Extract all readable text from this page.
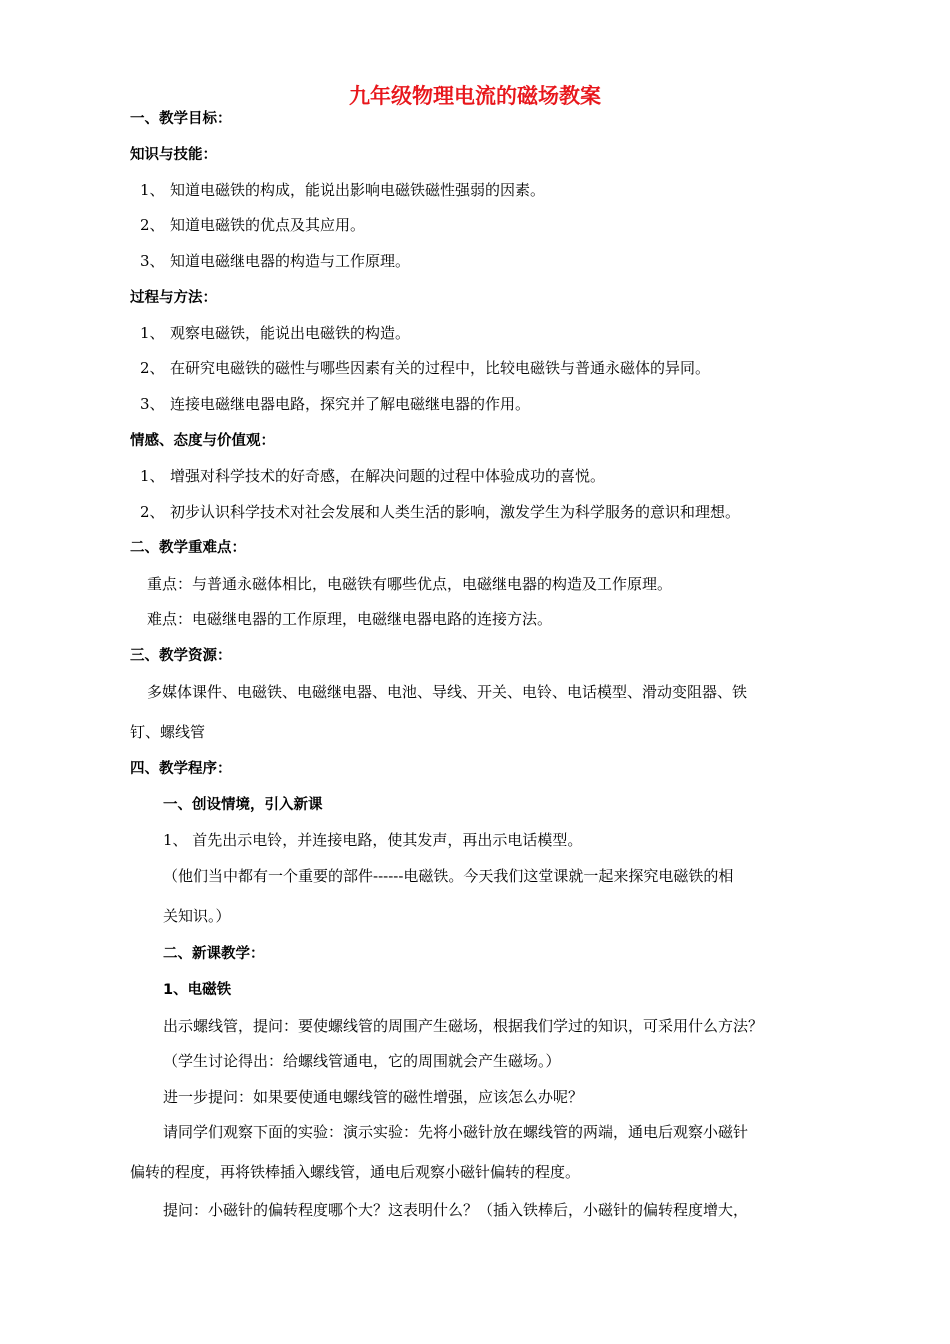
九年级物理电流的磁场教案
一、教学目标：
知识与技能：
1、 知道电磁铁的构成，能说出影响电磁铁磁性强弱的因素。
2、 知道电磁铁的优点及其应用。
3、 知道电磁继电器的构造与工作原理。
过程与方法：
1、 观察电磁铁，能说出电磁铁的构造。
2、 在研究电磁铁的磁性与哪些因素有关的过程中，比较电磁铁与普通永磁体的异同。
3、 连接电磁继电器电路，探究并了解电磁继电器的作用。
情感、态度与价值观：
1、 增强对科学技术的好奇感，在解决问题的过程中体验成功的喜悦。
2、 初步认识科学技术对社会发展和人类生活的影响，激发学生为科学服务的意识和理想。
二、教学重难点：
重点：与普通永磁体相比，电磁铁有哪些优点，电磁继电器的构造及工作原理。
难点：电磁继电器的工作原理，电磁继电器电路的连接方法。
三、教学资源：
多媒体课件、电磁铁、电磁继电器、电池、导线、开关、电铃、电话模型、滑动变阻器、铁
钉、螺线管
四、教学程序：
一、创设情境，引入新课
1、 首先出示电铃，并连接电路，使其发声，再出示电话模型。
（他们当中都有一个重要的部件------电磁铁。今天我们这堂课就一起来探究电磁铁的相
关知识。）
二、新课教学：
1、电磁铁
出示螺线管，提问：要使螺线管的周围产生磁场，根据我们学过的知识，可采用什么方法？
（学生讨论得出：给螺线管通电，它的周围就会产生磁场。）
进一步提问：如果要使通电螺线管的磁性增强，应该怎么办呢？
请同学们观察下面的实验：演示实验：先将小磁针放在螺线管的两端，通电后观察小磁针
偏转的程度，再将铁棒插入螺线管，通电后观察小磁针偏转的程度。
提问：小磁针的偏转程度哪个大？这表明什么？（插入铁棒后，小磁针的偏转程度增大，
